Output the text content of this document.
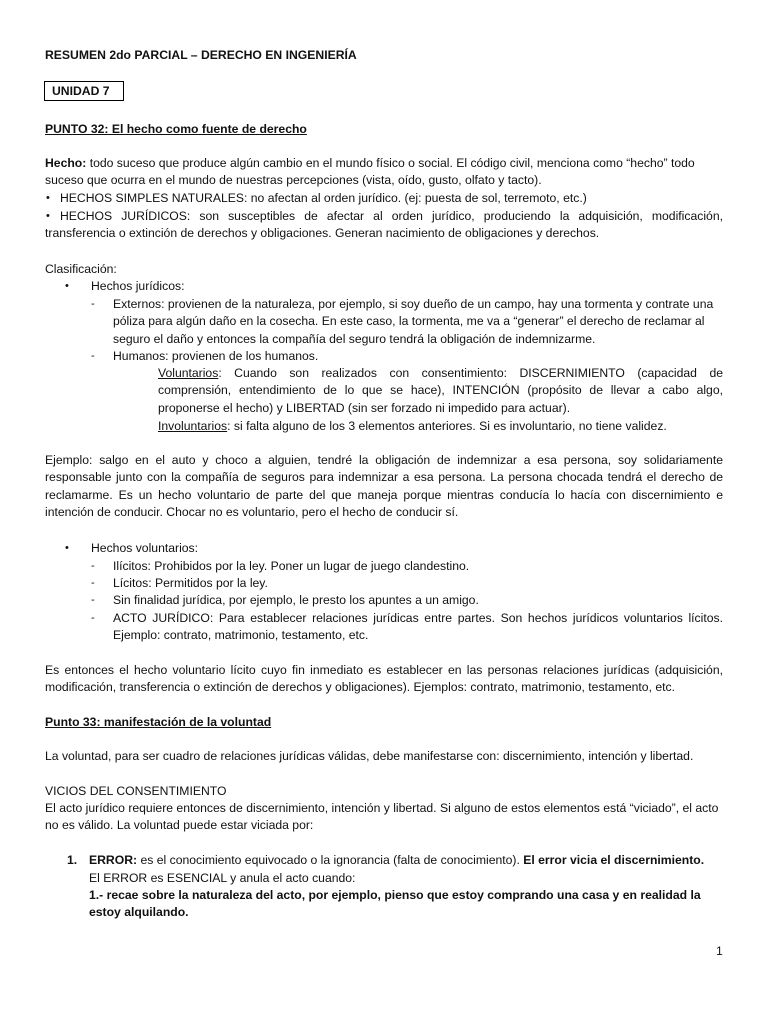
RESUMEN 2do PARCIAL – DERECHO EN INGENIERÍA

UNIDAD 7

PUNTO 32: El hecho como fuente de derecho

Hecho: todo suceso que produce algún cambio en el mundo físico o social. El código civil, menciona como “hecho” todo suceso que ocurra en el mundo de nuestras percepciones (vista, oído, gusto, olfato y tacto).

• HECHOS SIMPLES NATURALES: no afectan al orden jurídico. (ej: puesta de sol, terremoto, etc.)

• HECHOS JURÍDICOS: son susceptibles de afectar al orden jurídico, produciendo la adquisición, modificación, transferencia o extinción de derechos y obligaciones. Generan nacimiento de obligaciones y derechos.

Clasificación:

• Hechos jurídicos:

- Externos: provienen de la naturaleza, por ejemplo, si soy dueño de un campo, hay una tormenta y contrate una póliza para algún daño en la cosecha. En este caso, la tormenta, me va a “generar” el derecho de reclamar al seguro el daño y entonces la compañía del seguro tendrá la obligación de indemnizarme.

- Humanos: provienen de los humanos.

Voluntarios: Cuando son realizados con consentimiento: DISCERNIMIENTO (capacidad de comprensión, entendimiento de lo que se hace), INTENCIÓN (propósito de llevar a cabo algo, proponerse el hecho) y LIBERTAD (sin ser forzado ni impedido para actuar).

Involuntarios: si falta alguno de los 3 elementos anteriores. Si es involuntario, no tiene validez.

Ejemplo: salgo en el auto y choco a alguien, tendré la obligación de indemnizar a esa persona, soy solidariamente responsable junto con la compañía de seguros para indemnizar a esa persona. La persona chocada tendrá el derecho de reclamarme. Es un hecho voluntario de parte del que maneja porque mientras conducía lo hacía con discernimiento e intención de conducir. Chocar no es voluntario, pero el hecho de conducir sí.

• Hechos voluntarios:

- Ilícitos: Prohibidos por la ley. Poner un lugar de juego clandestino.

- Lícitos: Permitidos por la ley.

- Sin finalidad jurídica, por ejemplo, le presto los apuntes a un amigo.

- ACTO JURÍDICO: Para establecer relaciones jurídicas entre partes. Son hechos jurídicos voluntarios lícitos. Ejemplo: contrato, matrimonio, testamento, etc.

Es entonces el hecho voluntario lícito cuyo fin inmediato es establecer en las personas relaciones jurídicas (adquisición, modificación, transferencia o extinción de derechos y obligaciones). Ejemplos: contrato, matrimonio, testamento, etc.

Punto 33: manifestación de la voluntad

La voluntad, para ser cuadro de relaciones jurídicas válidas, debe manifestarse con: discernimiento, intención y libertad.

VICIOS DEL CONSENTIMIENTO

El acto jurídico requiere entonces de discernimiento, intención y libertad. Si alguno de estos elementos está “viciado”, el acto no es válido. La voluntad puede estar viciada por:

1. ERROR: es el conocimiento equivocado o la ignorancia (falta de conocimiento). El error vicia el discernimiento.

El ERROR es ESENCIAL y anula el acto cuando:

1.- recae sobre la naturaleza del acto, por ejemplo, pienso que estoy comprando una casa y en realidad la estoy alquilando.

1
